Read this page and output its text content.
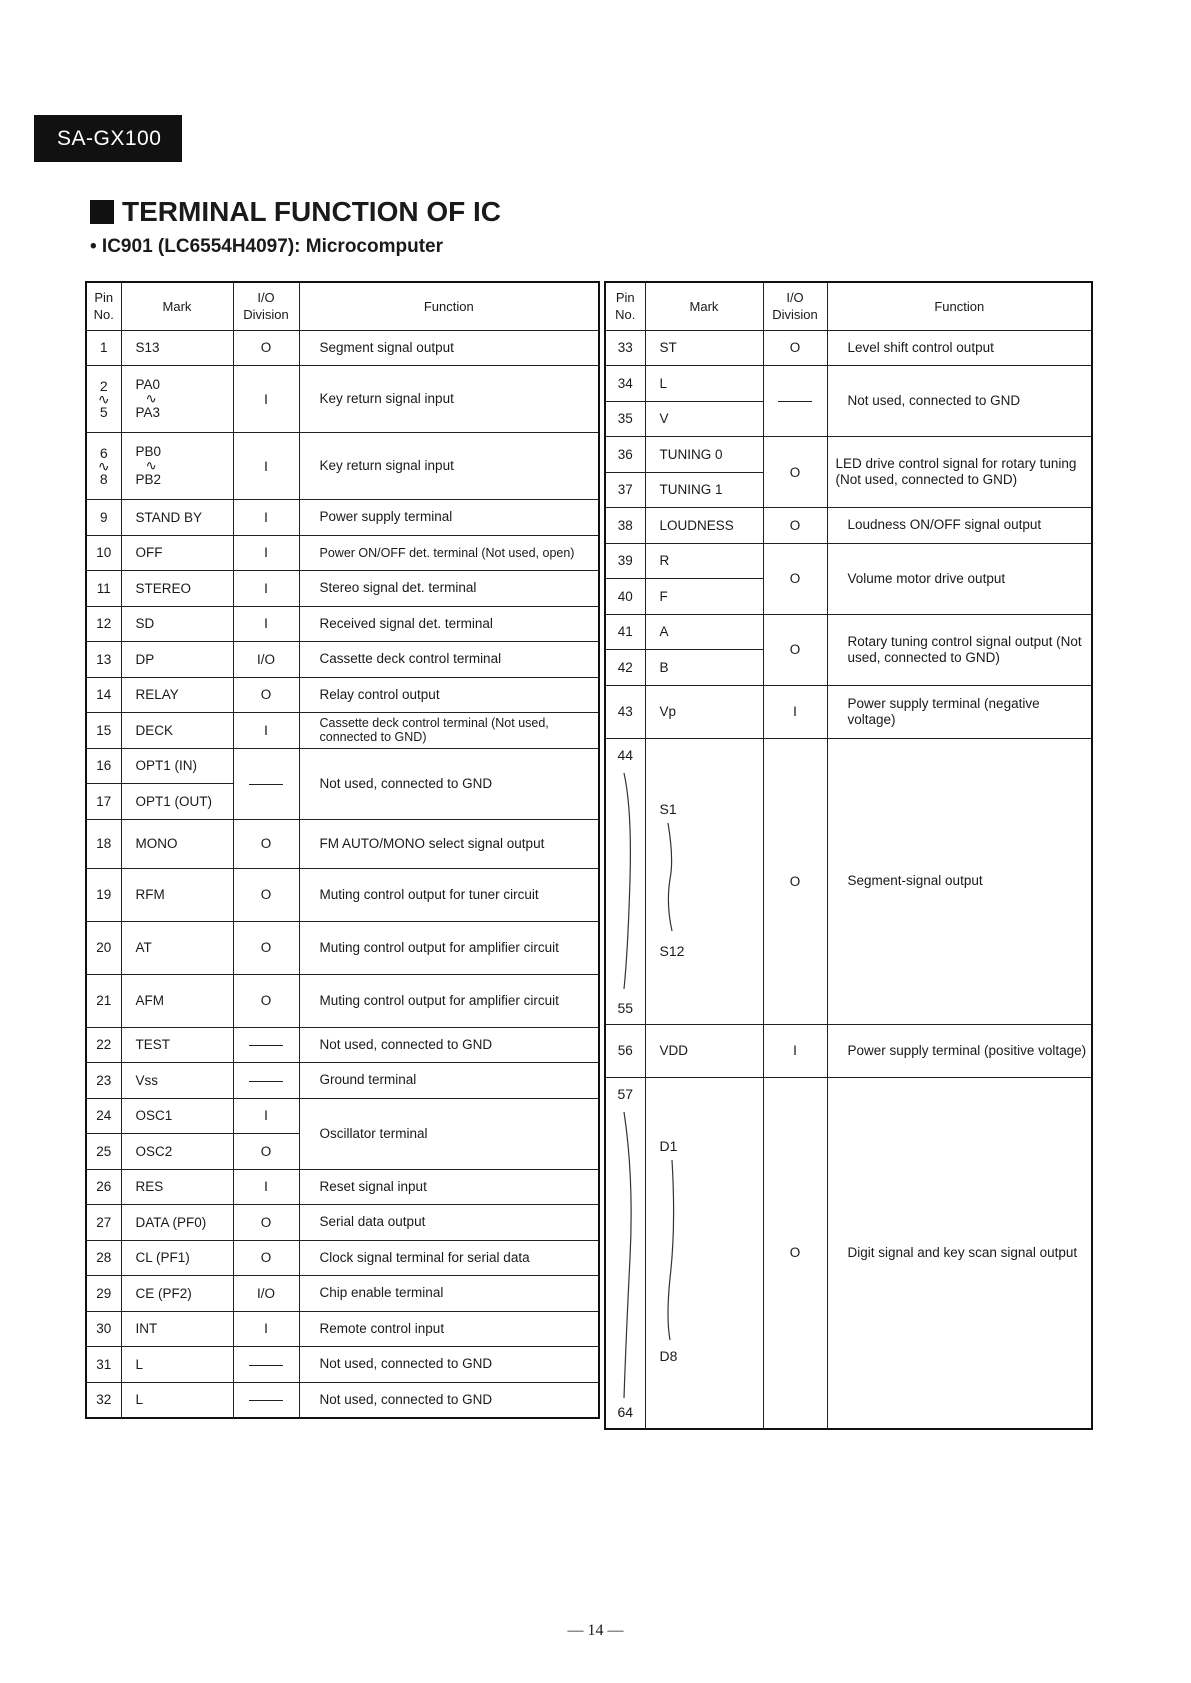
SA-GX100
TERMINAL FUNCTION OF IC
• IC901 (LC6554H4097): Microcomputer
Pin No.	Mark	I/O Division	Function
1	S13	O	Segment signal output

2
∿
5	PA0
∿
PA3	I	Key return signal input

6
∿
8	PB0
∿
PB2	I	Key return signal input
9	STAND BY	I	Power supply terminal
10	OFF	I	Power ON/OFF det. terminal (Not used, open)
11	STEREO	I	Stereo signal det. terminal
12	SD	I	Received signal det. terminal
13	DP	I/O	Cassette deck control terminal
14	RELAY	O	Relay control output
15	DECK	I	Cassette deck control terminal (Not used, connected to GND)
16	OPT1 (IN)		Not used, connected to GND
17	OPT1 (OUT)		
18	MONO	O	FM AUTO/MONO select signal output
19	RFM	O	Muting control output for tuner circuit
20	AT	O	Muting control output for amplifier circuit
21	AFM	O	Muting control output for amplifier circuit
22	TEST		Not used, connected to GND
23	Vss		Ground terminal
24	OSC1	I	Oscillator terminal
25	OSC2	O	
26	RES	I	Reset signal input
27	DATA (PF0)	O	Serial data output
28	CL (PF1)	O	Clock signal terminal for serial data
29	CE (PF2)	I/O	Chip enable terminal
30	INT	I	Remote control input
31	L		Not used, connected to GND
32	L		Not used, connected to GND
Pin No.	Mark	I/O Division	Function
33	ST	O	Level shift control output
34	L		Not used, connected to GND
35	V		
36	TUNING 0	O	LED drive control signal for rotary tuning (Not used, connected to GND)
37	TUNING 1		
38	LOUDNESS	O	Loudness ON/OFF signal output
39	R	O	Volume motor drive output
40	F		
41	A	O	Rotary tuning control signal output (Not used, connected to GND)
42	B		
43	Vp	I	Power supply terminal (negative voltage)

44
55	S1
S12	O	Segment-signal output
56	VDD	I	Power supply terminal (positive voltage)

57
64	D1
D8	O	Digit signal and key scan signal output
— 14 —
